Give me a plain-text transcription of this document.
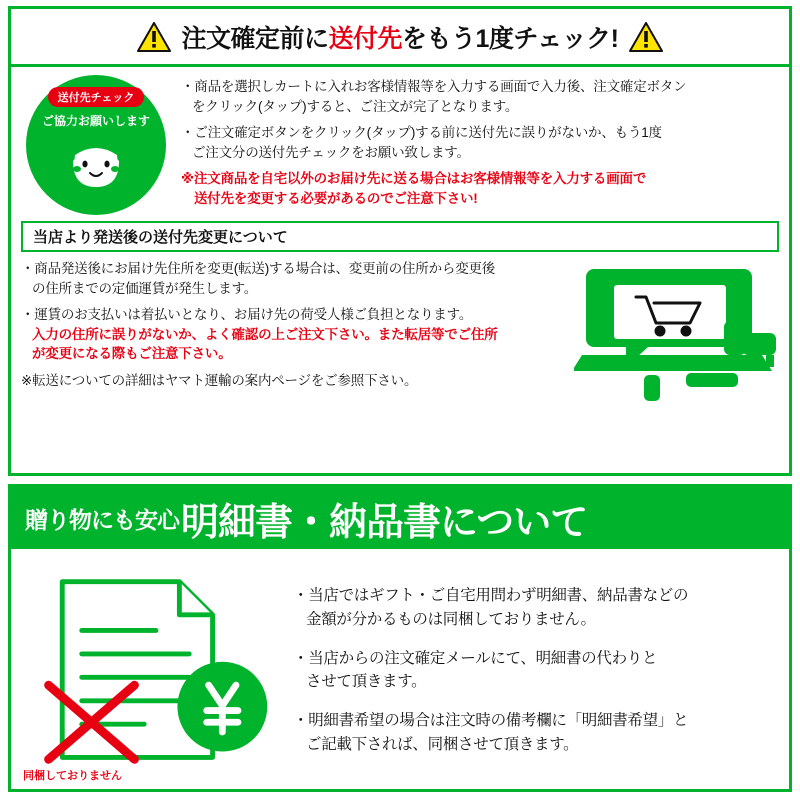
注文確定前に送付先をもう1度チェック!
送付先チェック
ご協力お願いします
・商品を選択しカートに入れお客様情報等を入力する画面で入力後、注文確定ボタン
をクリック(タップ)すると、ご注文が完了となります。
・ご注文確定ボタンをクリック(タップ)する前に送付先に誤りがないか、もう1度
ご注文分の送付先チェックをお願い致します。
※注文商品を自宅以外のお届け先に送る場合はお客様情報等を入力する画面で
送付先を変更する必要があるのでご注意下さい!
当店より発送後の送付先変更について
・商品発送後にお届け先住所を変更(転送)する場合は、変更前の住所から変更後
の住所までの定価運賃が発生します。
・運賃のお支払いは着払いとなり、お届け先の荷受人様ご負担となります。
入力の住所に誤りがないか、よく確認の上ご注文下さい。また転居等でご住所
が変更になる際もご注意下さい。
※転送についての詳細はヤマト運輸の案内ページをご参照下さい。
贈り物にも安心 明細書・納品書について
同梱しておりません
・当店ではギフト・ご自宅用問わず明細書、納品書などの
金額が分かるものは同梱しておりません。
・当店からの注文確定メールにて、明細書の代わりと
させて頂きます。
・明細書希望の場合は注文時の備考欄に「明細書希望」と
ご記載下されば、同梱させて頂きます。
